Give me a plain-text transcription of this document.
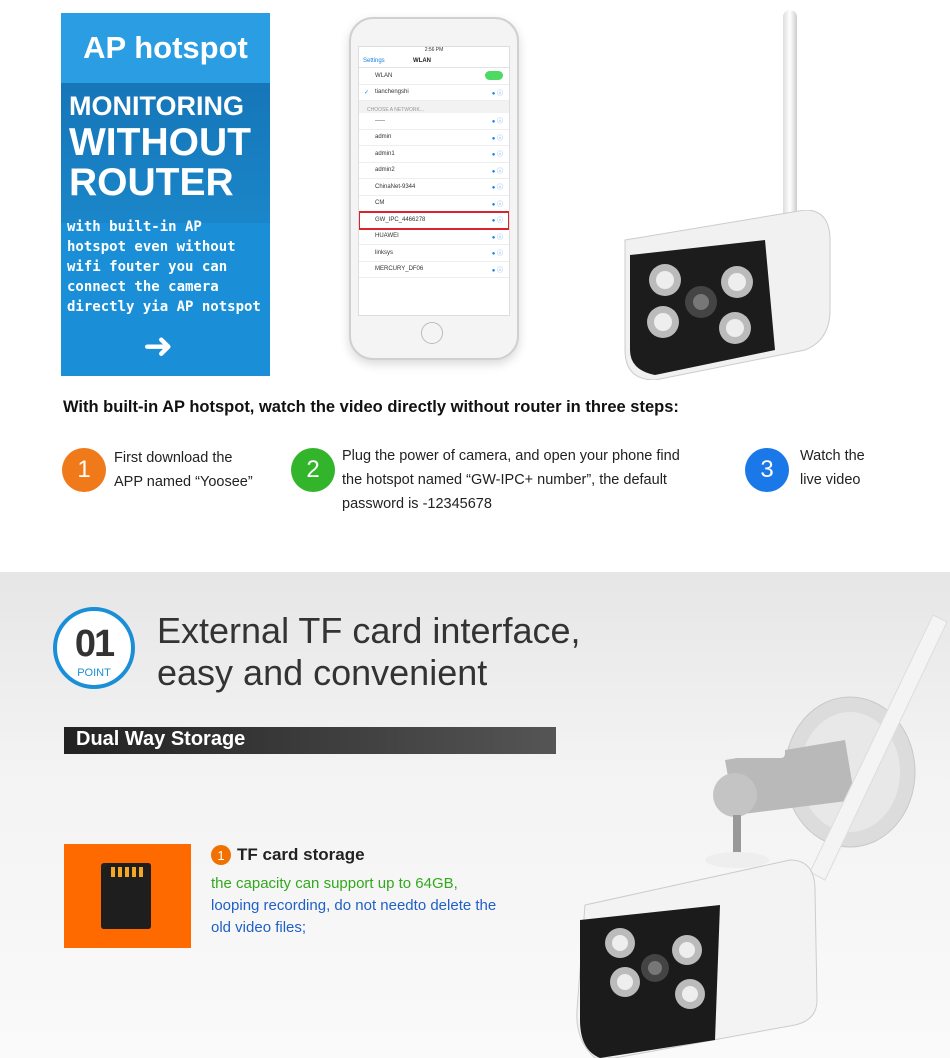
AP hotspot
MONITORING
WITHOUT
ROUTER
with built-in AP hotspot even without wifi fouter you can connect the camera directly yia AP notspot
➜
2:56 PM
Settings	WLAN
WLAN
✓ tianchengshi	● ⓘ
CHOOSE A NETWORK...
-----	● ⓘ
admin	● ⓘ
admin1	● ⓘ
admin2	● ⓘ
ChinaNet-9344	● ⓘ
CM	● ⓘ
GW_IPC_4466278	● ⓘ
HUAWEI	● ⓘ
linksys	● ⓘ
MERCURY_DF06	● ⓘ
With built-in AP hotspot, watch the video directly without router in three steps:
1	First download the
APP named “Yoosee”	2	Plug the power of camera, and open your phone find
the hotspot named “GW-IPC+ number”, the default
password is -12345678
3	Watch the
live video
01
POINT
External TF card interface,
easy and convenient
Dual Way Storage
1 TF card storage
the capacity can support up to 64GB,
looping recording, do not needto delete the
old video files;
